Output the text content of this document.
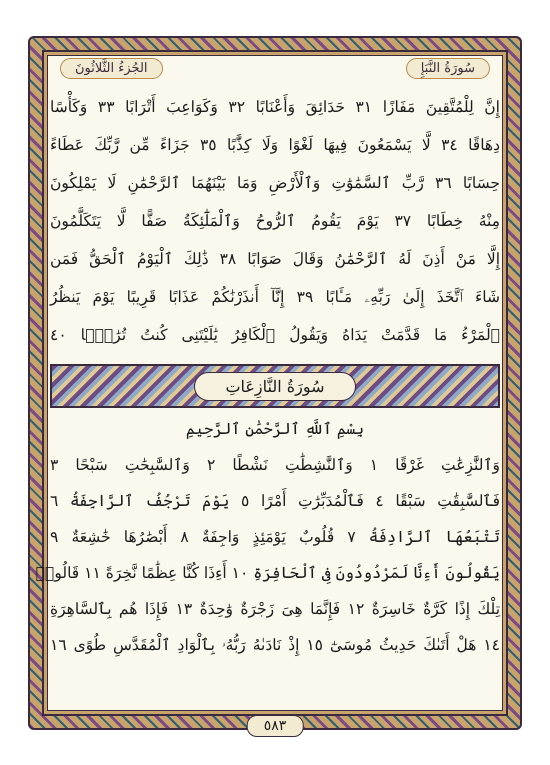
الجُزءُ الثَّلاثُونَ	سُورَةُ النَّبَإِ
إِنَّ لِلْمُتَّقِينَ مَفَازًا ٣١ حَدَائِقَ وَأَعْنَابًا ٣٢ وَكَوَاعِبَ أَتْرَابًا ٣٣ وَكَأْسًا
دِهَاقًا ٣٤ لَّا يَسْمَعُونَ فِيهَا لَغْوًا وَلَا كِذَّٰبًا ٣٥ جَزَاءً مِّن رَّبِّكَ عَطَاءً
حِسَابًا ٣٦ رَّبِّ ٱلسَّمَٰوَٰتِ وَٱلْأَرْضِ وَمَا بَيْنَهُمَا ٱلرَّحْمَٰنِ لَا يَمْلِكُونَ
مِنْهُ خِطَابًا ٣٧ يَوْمَ يَقُومُ ٱلرُّوحُ وَٱلْمَلَٰٓئِكَةُ صَفًّا لَّا يَتَكَلَّمُونَ
إِلَّا مَنْ أَذِنَ لَهُ ٱلرَّحْمَٰنُ وَقَالَ صَوَابًا ٣٨ ذَٰلِكَ ٱلْيَوْمُ ٱلْحَقُّ فَمَن
شَاءَ ٱتَّخَذَ إِلَىٰ رَبِّهِۦ مَـَٔابًا ٣٩ إِنَّآ أَنذَرْنَٰكُمْ عَذَابًا قَرِيبًا يَوْمَ يَنظُرُ
ٱلْمَرْءُ مَا قَدَّمَتْ يَدَاهُ وَيَقُولُ ٱلْكَافِرُ يَٰلَيْتَنِى كُنتُ تُرَٰبًۢا ٤٠
سُورَةُ النَّازِعَاتِ
بِسْمِ ٱللَّهِ ٱلرَّحْمَٰنِ ٱلرَّحِيمِ
وَٱلنَّٰزِعَٰتِ غَرْقًا ١ وَٱلنَّٰشِطَٰتِ نَشْطًا ٢ وَٱلسَّٰبِحَٰتِ سَبْحًا ٣
فَٱلسَّٰبِقَٰتِ سَبْقًا ٤ فَٱلْمُدَبِّرَٰتِ أَمْرًا ٥ يَوْمَ تَرْجُفُ ٱلرَّاجِفَةُ ٦
تَتْبَعُهَا ٱلرَّادِفَةُ ٧ قُلُوبٌ يَوْمَئِذٍ وَاجِفَةٌ ٨ أَبْصَٰرُهَا خَٰشِعَةٌ ٩
يَقُولُونَ أَءِنَّا لَمَرْدُودُونَ فِى ٱلْحَافِرَةِ ١٠ أَءِذَا كُنَّا عِظَٰمًا نَّخِرَةً ١١ قَالُوا۟
تِلْكَ إِذًا كَرَّةٌ خَاسِرَةٌ ١٢ فَإِنَّمَا هِىَ زَجْرَةٌ وَٰحِدَةٌ ١٣ فَإِذَا هُم بِٱلسَّاهِرَةِ
١٤ هَلْ أَتَىٰكَ حَدِيثُ مُوسَىٰٓ ١٥ إِذْ نَادَىٰهُ رَبُّهُۥ بِٱلْوَادِ ٱلْمُقَدَّسِ طُوًى ١٦
٥٨٣
